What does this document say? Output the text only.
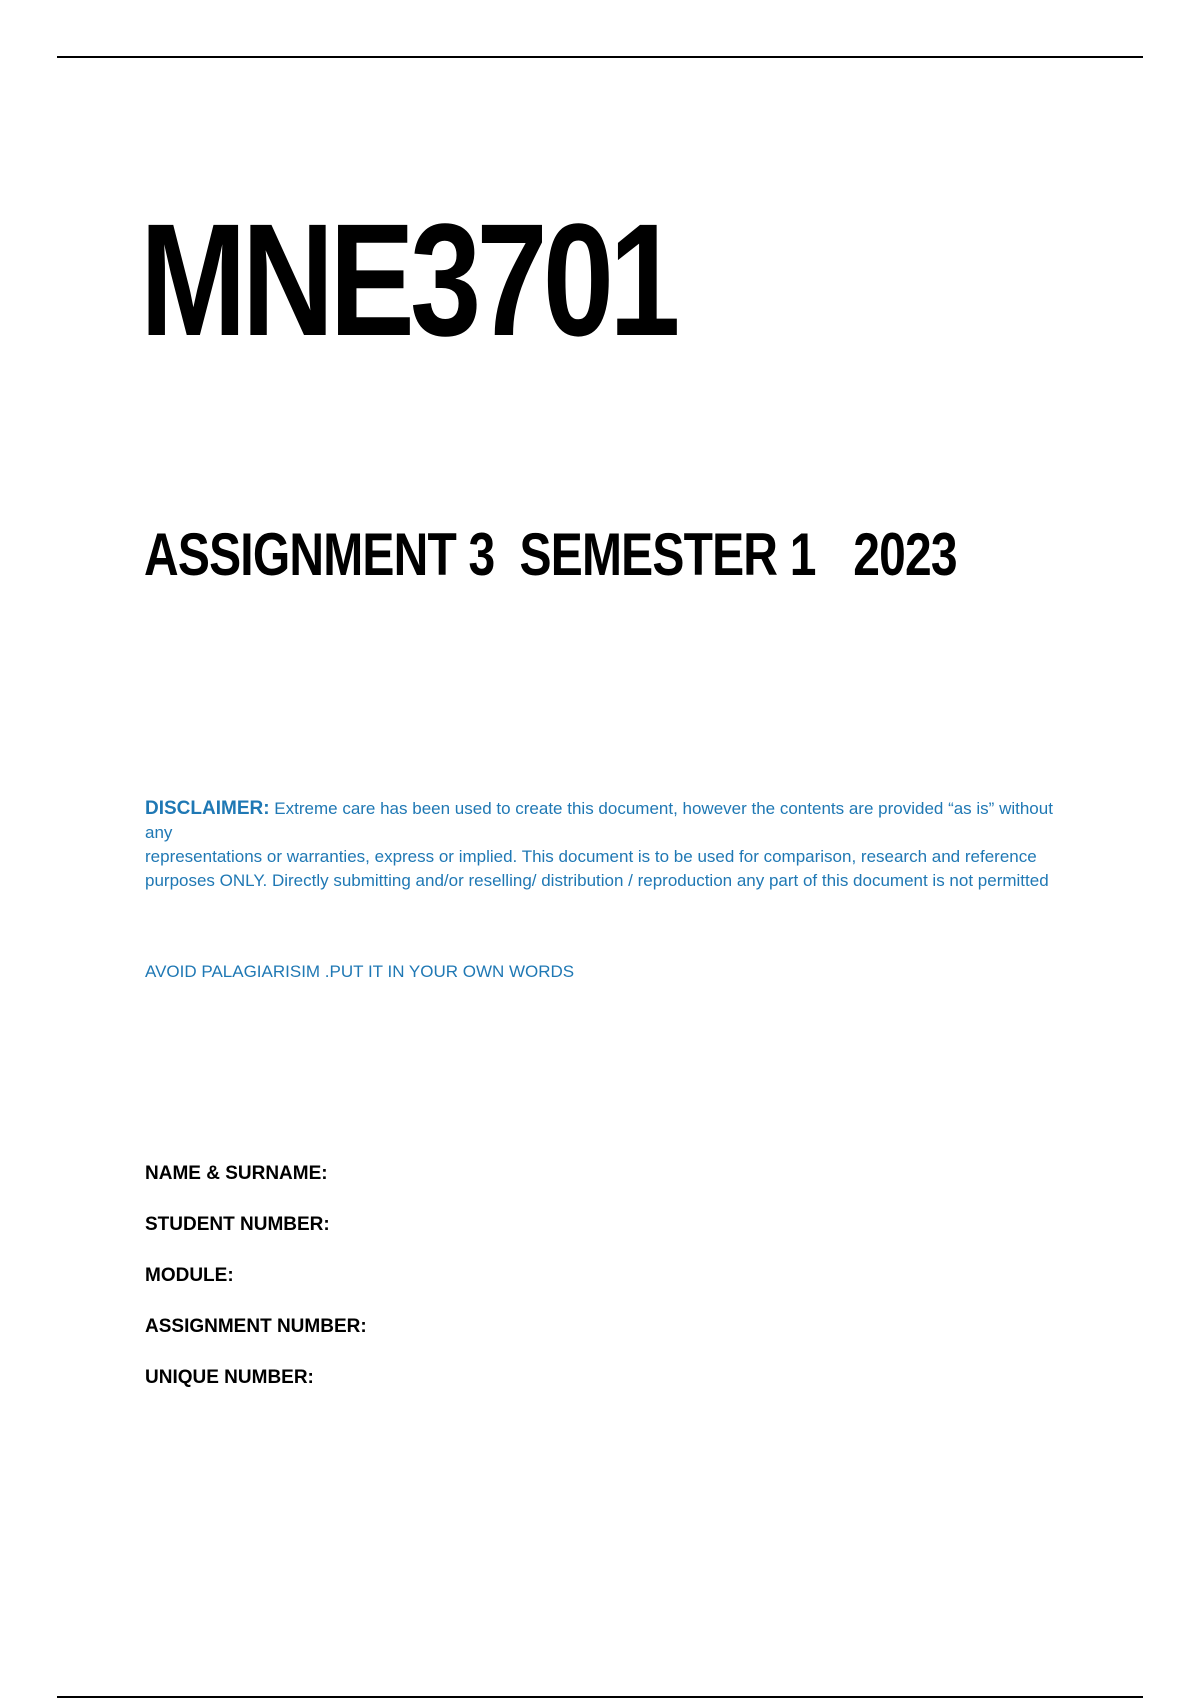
MNE3701
ASSIGNMENT 3  SEMESTER 1   2023
DISCLAIMER: Extreme care has been used to create this document, however the contents are provided “as is” without
any
representations or warranties, express or implied. This document is to be used for comparison, research and reference
purposes ONLY. Directly submitting and/or reselling/ distribution / reproduction any part of this document is not permitted
AVOID PALAGIARISIM .PUT IT IN YOUR OWN WORDS
NAME & SURNAME:
STUDENT NUMBER:
MODULE:
ASSIGNMENT NUMBER:
UNIQUE NUMBER:
